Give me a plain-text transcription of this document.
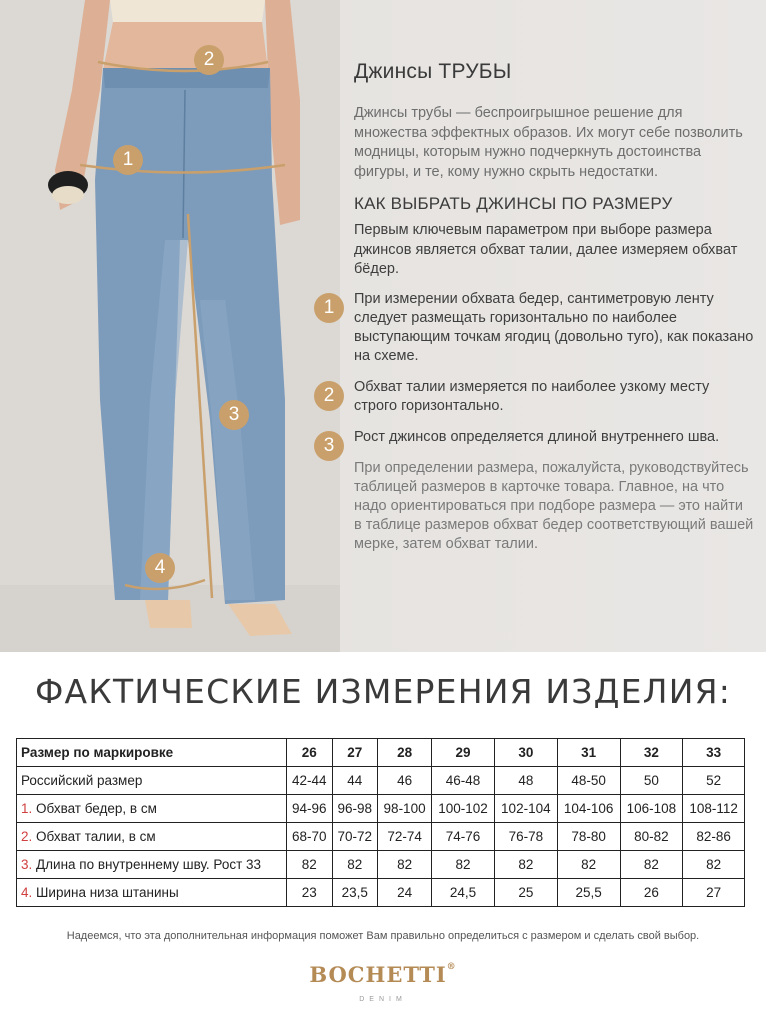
2
1
3
4
Джинсы ТРУБЫ

Джинсы трубы — беспроигрышное решение для множества эффектных образов. Их могут себе позволить модницы, которым нужно подчеркнуть достоинства фигуры, и те, кому нужно скрыть недостатки.

КАК ВЫБРАТЬ ДЖИНСЫ ПО РАЗМЕРУ

Первым ключевым параметром при выборе размера джинсов является обхват талии, далее измеряем обхват бёдер.

1	При измерении обхвата бедер, сантиметровую ленту следует размещать горизонтально по наиболее выступающим точкам ягодиц (довольно туго), как показано на схеме.

2	Обхват талии измеряется по наиболее узкому месту строго горизонтально.

3	Рост джинсов определяется длиной внутреннего шва.

При определении размера, пожалуйста, руководствуйтесь таблицей размеров в карточке товара. Главное, на что надо ориентироваться при подборе размера — это найти в таблице размеров обхват бедер соответствующий вашей мерке, затем обхват талии.

ФАКТИЧЕСКИЕ ИЗМЕРЕНИЯ ИЗДЕЛИЯ:
Размер по маркировке	26	27	28	29	30	31	32	33
Российский размер	42-44	44	46	46-48	48	48-50	50	52
1. Обхват бедер, в см	94-96	96-98	98-100	100-102	102-104	104-106	106-108	108-112
2. Обхват талии, в см	68-70	70-72	72-74	74-76	76-78	78-80	80-82	82-86
3. Длина по внутреннему шву. Рост 33	82	82	82	82	82	82	82	82
4. Ширина низа штанины	23	23,5	24	24,5	25	25,5	26	27

Надеемся, что эта дополнительная информация поможет Вам правильно определиться с размером и сделать свой выбор.

BOCHETTI®
DENIM
